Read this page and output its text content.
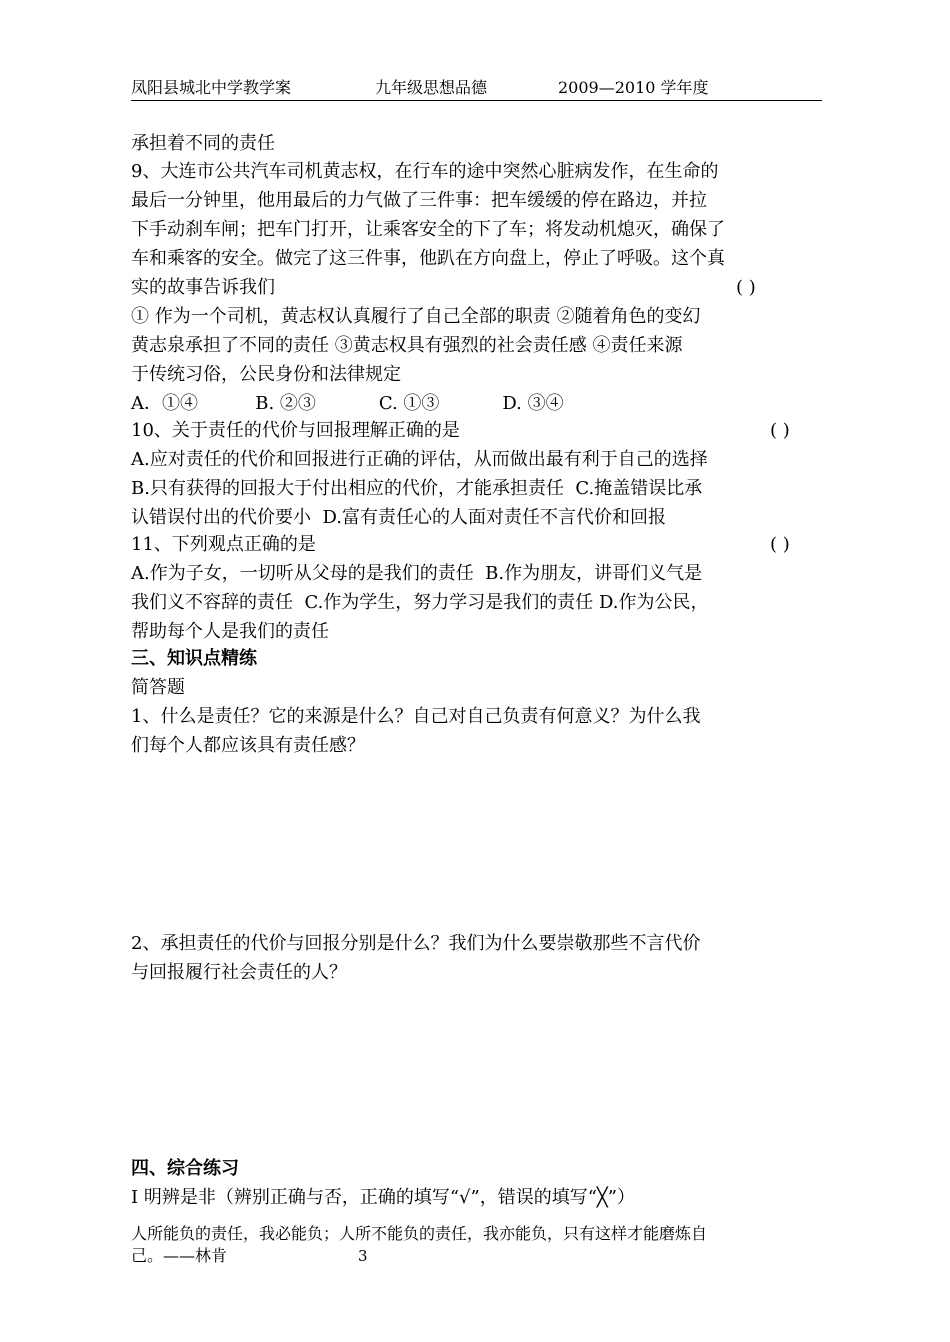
凤阳县城北中学教学案	九年级思想品德	2009—2010 学年度
承担着不同的责任
9、大连市公共汽车司机黄志权，在行车的途中突然心脏病发作，在生命的
最后一分钟里，他用最后的力气做了三件事：把车缓缓的停在路边，并拉
下手动刹车闸；把车门打开，让乘客安全的下了车；将发动机熄灭，确保了
车和乘客的安全。做完了这三件事，他趴在方向盘上，停止了呼吸。这个真
实的故事告诉我们	( )
① 作为一个司机，黄志权认真履行了自己全部的职责 ②随着角色的变幻
黄志泉承担了不同的责任 ③黄志权具有强烈的社会责任感 ④责任来源
于传统习俗，公民身份和法律规定
A．①④          B. ②③           C. ①③           D. ③④
10、关于责任的代价与回报理解正确的是	( )
A.应对责任的代价和回报进行正确的评估，从而做出最有利于自己的选择
B.只有获得的回报大于付出相应的代价，才能承担责任  C.掩盖错误比承
认错误付出的代价要小  D.富有责任心的人面对责任不言代价和回报
11、下列观点正确的是	( )
A.作为子女，一切听从父母的是我们的责任  B.作为朋友，讲哥们义气是
我们义不容辞的责任  C.作为学生，努力学习是我们的责任 D.作为公民，
帮助每个人是我们的责任
三、知识点精练
简答题
1、什么是责任？它的来源是什么？自己对自己负责有何意义？为什么我
们每个人都应该具有责任感？
2、承担责任的代价与回报分别是什么？我们为什么要崇敬那些不言代价
与回报履行社会责任的人？
四、综合练习
Ⅰ 明辨是非（辨别正确与否，正确的填写“√”，错误的填写“╳”）
人所能负的责任，我必能负；人所不能负的责任，我亦能负，只有这样才能磨炼自
己。——林肯	3
